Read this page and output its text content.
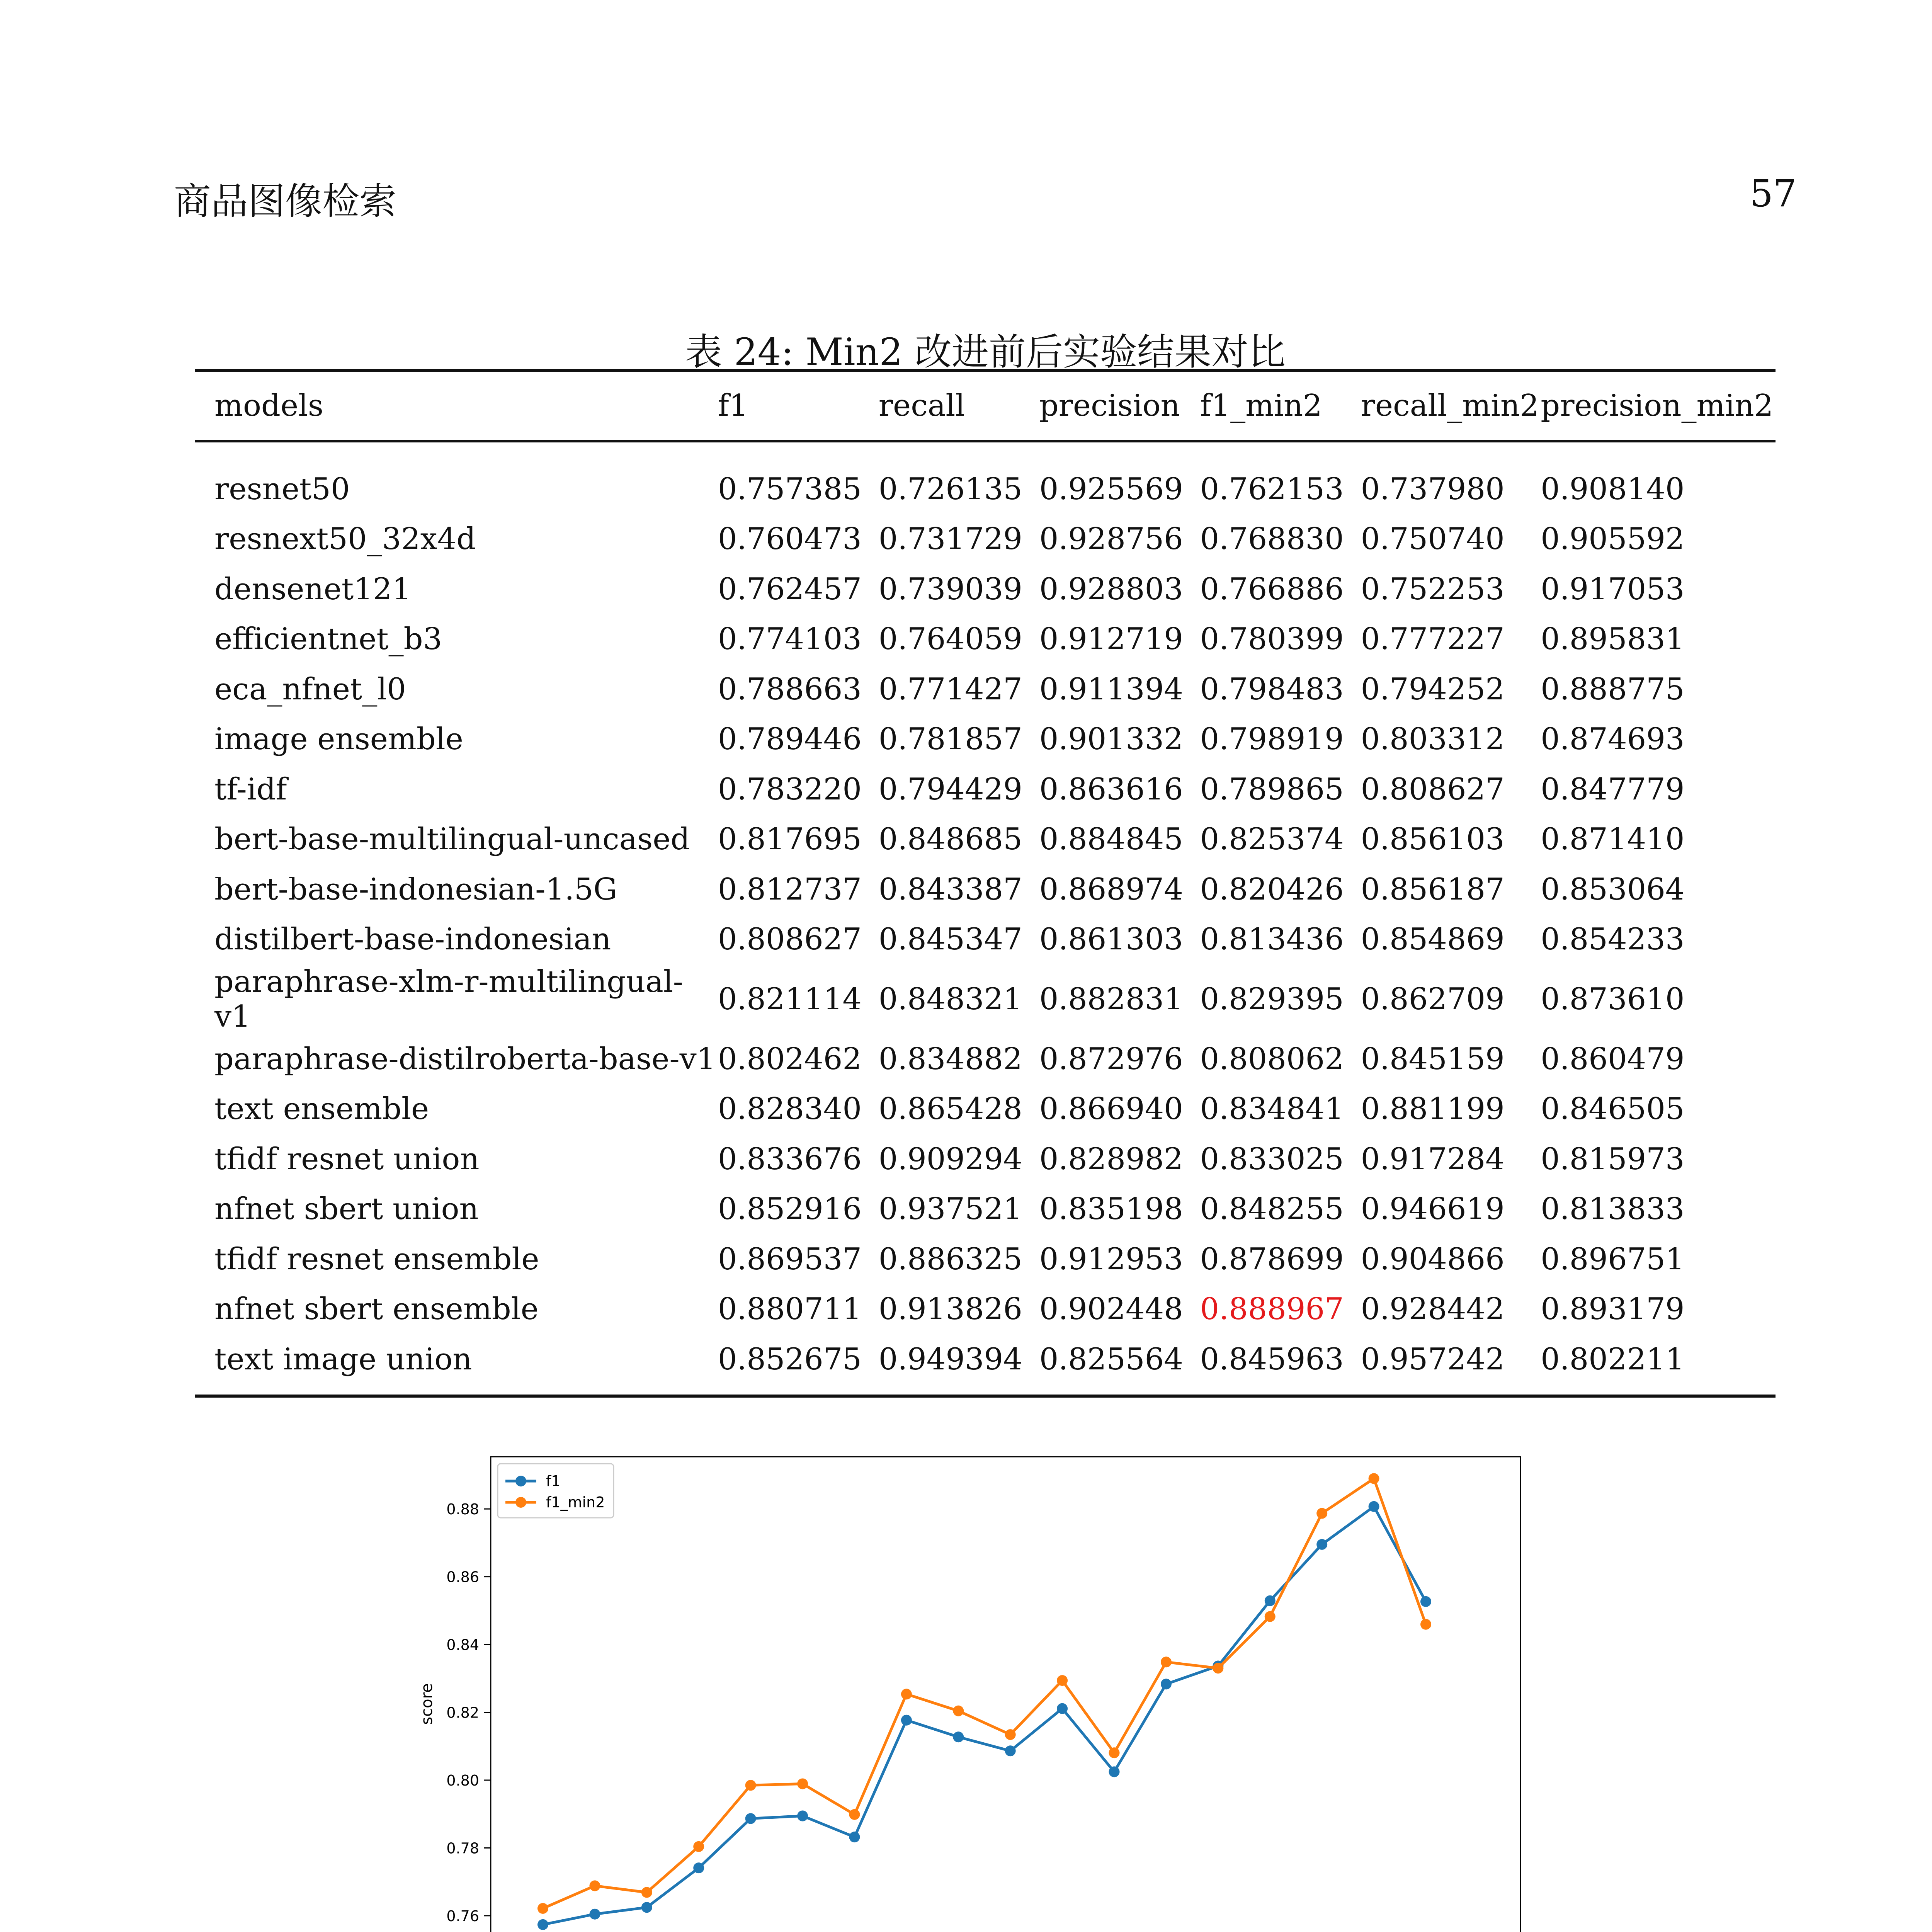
商品图像检索	57
表 24: Min2 改进前后实验结果对比
models	f1	recall	precision	f1_min2	recall_min2	precision_min2
resnet50	0.757385	0.726135	0.925569	0.762153	0.737980	0.908140
resnext50_32x4d	0.760473	0.731729	0.928756	0.768830	0.750740	0.905592
densenet121	0.762457	0.739039	0.928803	0.766886	0.752253	0.917053
efficientnet_b3	0.774103	0.764059	0.912719	0.780399	0.777227	0.895831
eca_nfnet_l0	0.788663	0.771427	0.911394	0.798483	0.794252	0.888775
image ensemble	0.789446	0.781857	0.901332	0.798919	0.803312	0.874693
tf-idf	0.783220	0.794429	0.863616	0.789865	0.808627	0.847779
bert-base-multilingual-uncased	0.817695	0.848685	0.884845	0.825374	0.856103	0.871410
bert-base-indonesian-1.5G	0.812737	0.843387	0.868974	0.820426	0.856187	0.853064
distilbert-base-indonesian	0.808627	0.845347	0.861303	0.813436	0.854869	0.854233
paraphrase-xlm-r-multilingual-v1	0.821114	0.848321	0.882831	0.829395	0.862709	0.873610
paraphrase-distilroberta-base-v1	0.802462	0.834882	0.872976	0.808062	0.845159	0.860479
text ensemble	0.828340	0.865428	0.866940	0.834841	0.881199	0.846505
tfidf resnet union	0.833676	0.909294	0.828982	0.833025	0.917284	0.815973
nfnet sbert union	0.852916	0.937521	0.835198	0.848255	0.946619	0.813833
tfidf resnet ensemble	0.869537	0.886325	0.912953	0.878699	0.904866	0.896751
nfnet sbert ensemble	0.880711	0.913826	0.902448	0.888967	0.928442	0.893179
text image union	0.852675	0.949394	0.825564	0.845963	0.957242	0.802211
0.76
0.78
0.80
0.82
0.84
0.86
0.88
score
f1
f1_min2
